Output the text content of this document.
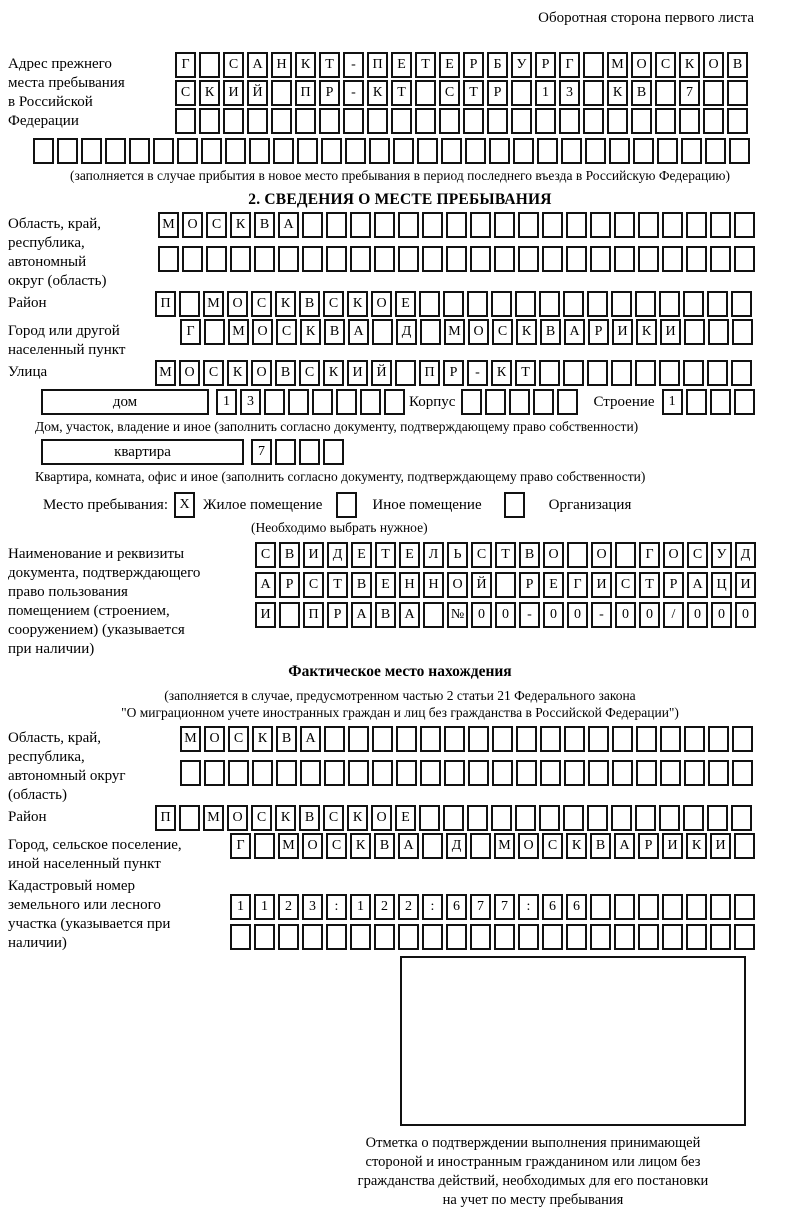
Оборотная сторона первого листа
Адрес прежнего места пребывания в Российской Федерации
Г	С А Н К Т - П Е Т Е Р Б У Р Г	М О С К О В
С К И Й	П Р - К Т	С Т Р	1 3	К В	7
(заполняется в случае прибытия в новое место пребывания в период последнего въезда в Российскую Федерацию)
2. СВЕДЕНИЯ О МЕСТЕ ПРЕБЫВАНИЯ
Область, край, республика, автономный округ (область)
М О С К В А
Район	П	М О С К В С К О Е
Город или другой населенный пункт
Г	М О С К В А	Д	М О С К В А Р И К И
Улица	М О С К О В С К И Й	П Р - К Т
дом	1 3	Корпус	Строение	1
Дом, участок, владение и иное (заполнить согласно документу, подтверждающему право собственности)
квартира	7
Квартира, комната, офис и иное (заполнить согласно документу, подтверждающему право собственности)
Место пребывания: X Жилое помещение	Иное помещение	Организация
(Необходимо выбрать нужное)
Наименование и реквизиты документа, подтверждающего право пользования помещением (строением, сооружением) (указывается при наличии)
С В И Д Е Т Е Л Ь С Т В О	О	Г О С У Д
А Р С Т В Е Н Н О Й	Р Е Г И С Т Р А Ц И
И	П Р А В А	№ 0 0 - 0 0 - 0 0 / 0 0 0
Фактическое место нахождения
(заполняется в случае, предусмотренном частью 2 статьи 21 Федерального закона
"О миграционном учете иностранных граждан и лиц без гражданства в Российской Федерации")
Область, край, республика, автономный округ (область)
М О С К В А
Район	П	М О С К В С К О Е
Город, сельское поселение, иной населенный пункт
Г	М О С К В А	Д	М О С К В А Р И К И
Кадастровый номер земельного или лесного участка (указывается при наличии)
1 1 2 3 : 1 2 2 : 6 7 7 : 6 6
Отметка о подтверждении выполнения принимающей
стороной и иностранным гражданином или лицом без
гражданства действий, необходимых для его постановки
на учет по месту пребывания
